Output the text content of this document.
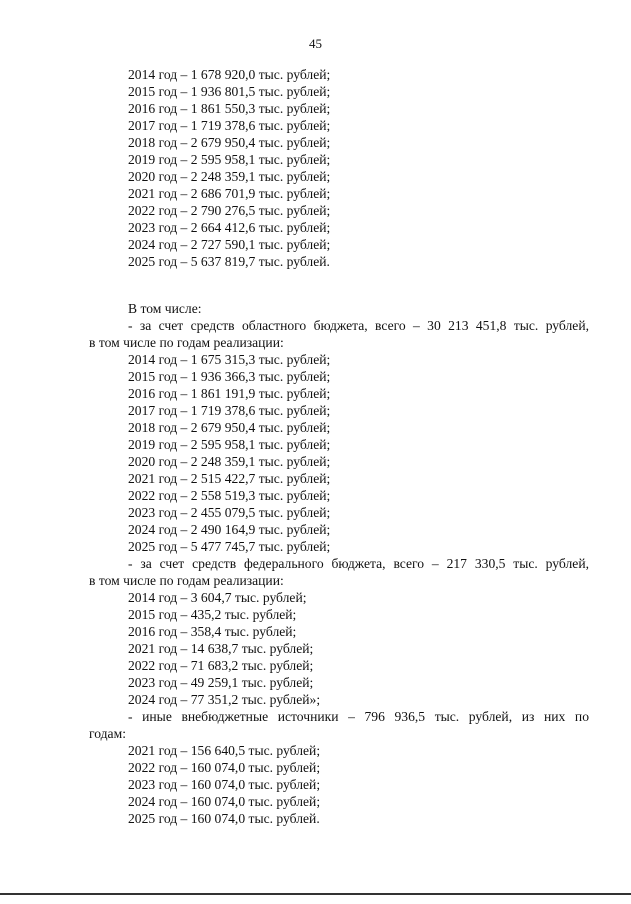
45
2014 год – 1 678 920,0 тыс. рублей;
2015 год – 1 936 801,5 тыс. рублей;
2016 год – 1 861 550,3 тыс. рублей;
2017 год – 1 719 378,6 тыс. рублей;
2018 год – 2 679 950,4 тыс. рублей;
2019 год – 2 595 958,1 тыс. рублей;
2020 год – 2 248 359,1 тыс. рублей;
2021 год – 2 686 701,9 тыс. рублей;
2022 год – 2 790 276,5 тыс. рублей;
2023 год – 2 664 412,6 тыс. рублей;
2024 год – 2 727 590,1 тыс. рублей;
2025 год – 5 637 819,7 тыс. рублей.
В том числе:
- за счет средств областного бюджета, всего – 30 213 451,8 тыс. рублей,
в том числе по годам реализации:
2014 год – 1 675 315,3 тыс. рублей;
2015 год – 1 936 366,3 тыс. рублей;
2016 год – 1 861 191,9 тыс. рублей;
2017 год – 1 719 378,6 тыс. рублей;
2018 год – 2 679 950,4 тыс. рублей;
2019 год – 2 595 958,1 тыс. рублей;
2020 год – 2 248 359,1 тыс. рублей;
2021 год – 2 515 422,7 тыс. рублей;
2022 год – 2 558 519,3 тыс. рублей;
2023 год – 2 455 079,5 тыс. рублей;
2024 год – 2 490 164,9 тыс. рублей;
2025 год – 5 477 745,7 тыс. рублей;
- за счет средств федерального бюджета, всего – 217 330,5 тыс. рублей,
в том числе по годам реализации:
2014 год – 3 604,7 тыс. рублей;
2015 год – 435,2 тыс. рублей;
2016 год – 358,4 тыс. рублей;
2021 год – 14 638,7 тыс. рублей;
2022 год – 71 683,2 тыс. рублей;
2023 год – 49 259,1 тыс. рублей;
2024 год – 77 351,2 тыс. рублей»;
- иные внебюджетные источники – 796 936,5 тыс. рублей, из них по
годам:
2021 год – 156 640,5 тыс. рублей;
2022 год – 160 074,0 тыс. рублей;
2023 год – 160 074,0 тыс. рублей;
2024 год – 160 074,0 тыс. рублей;
2025 год – 160 074,0 тыс. рублей.
